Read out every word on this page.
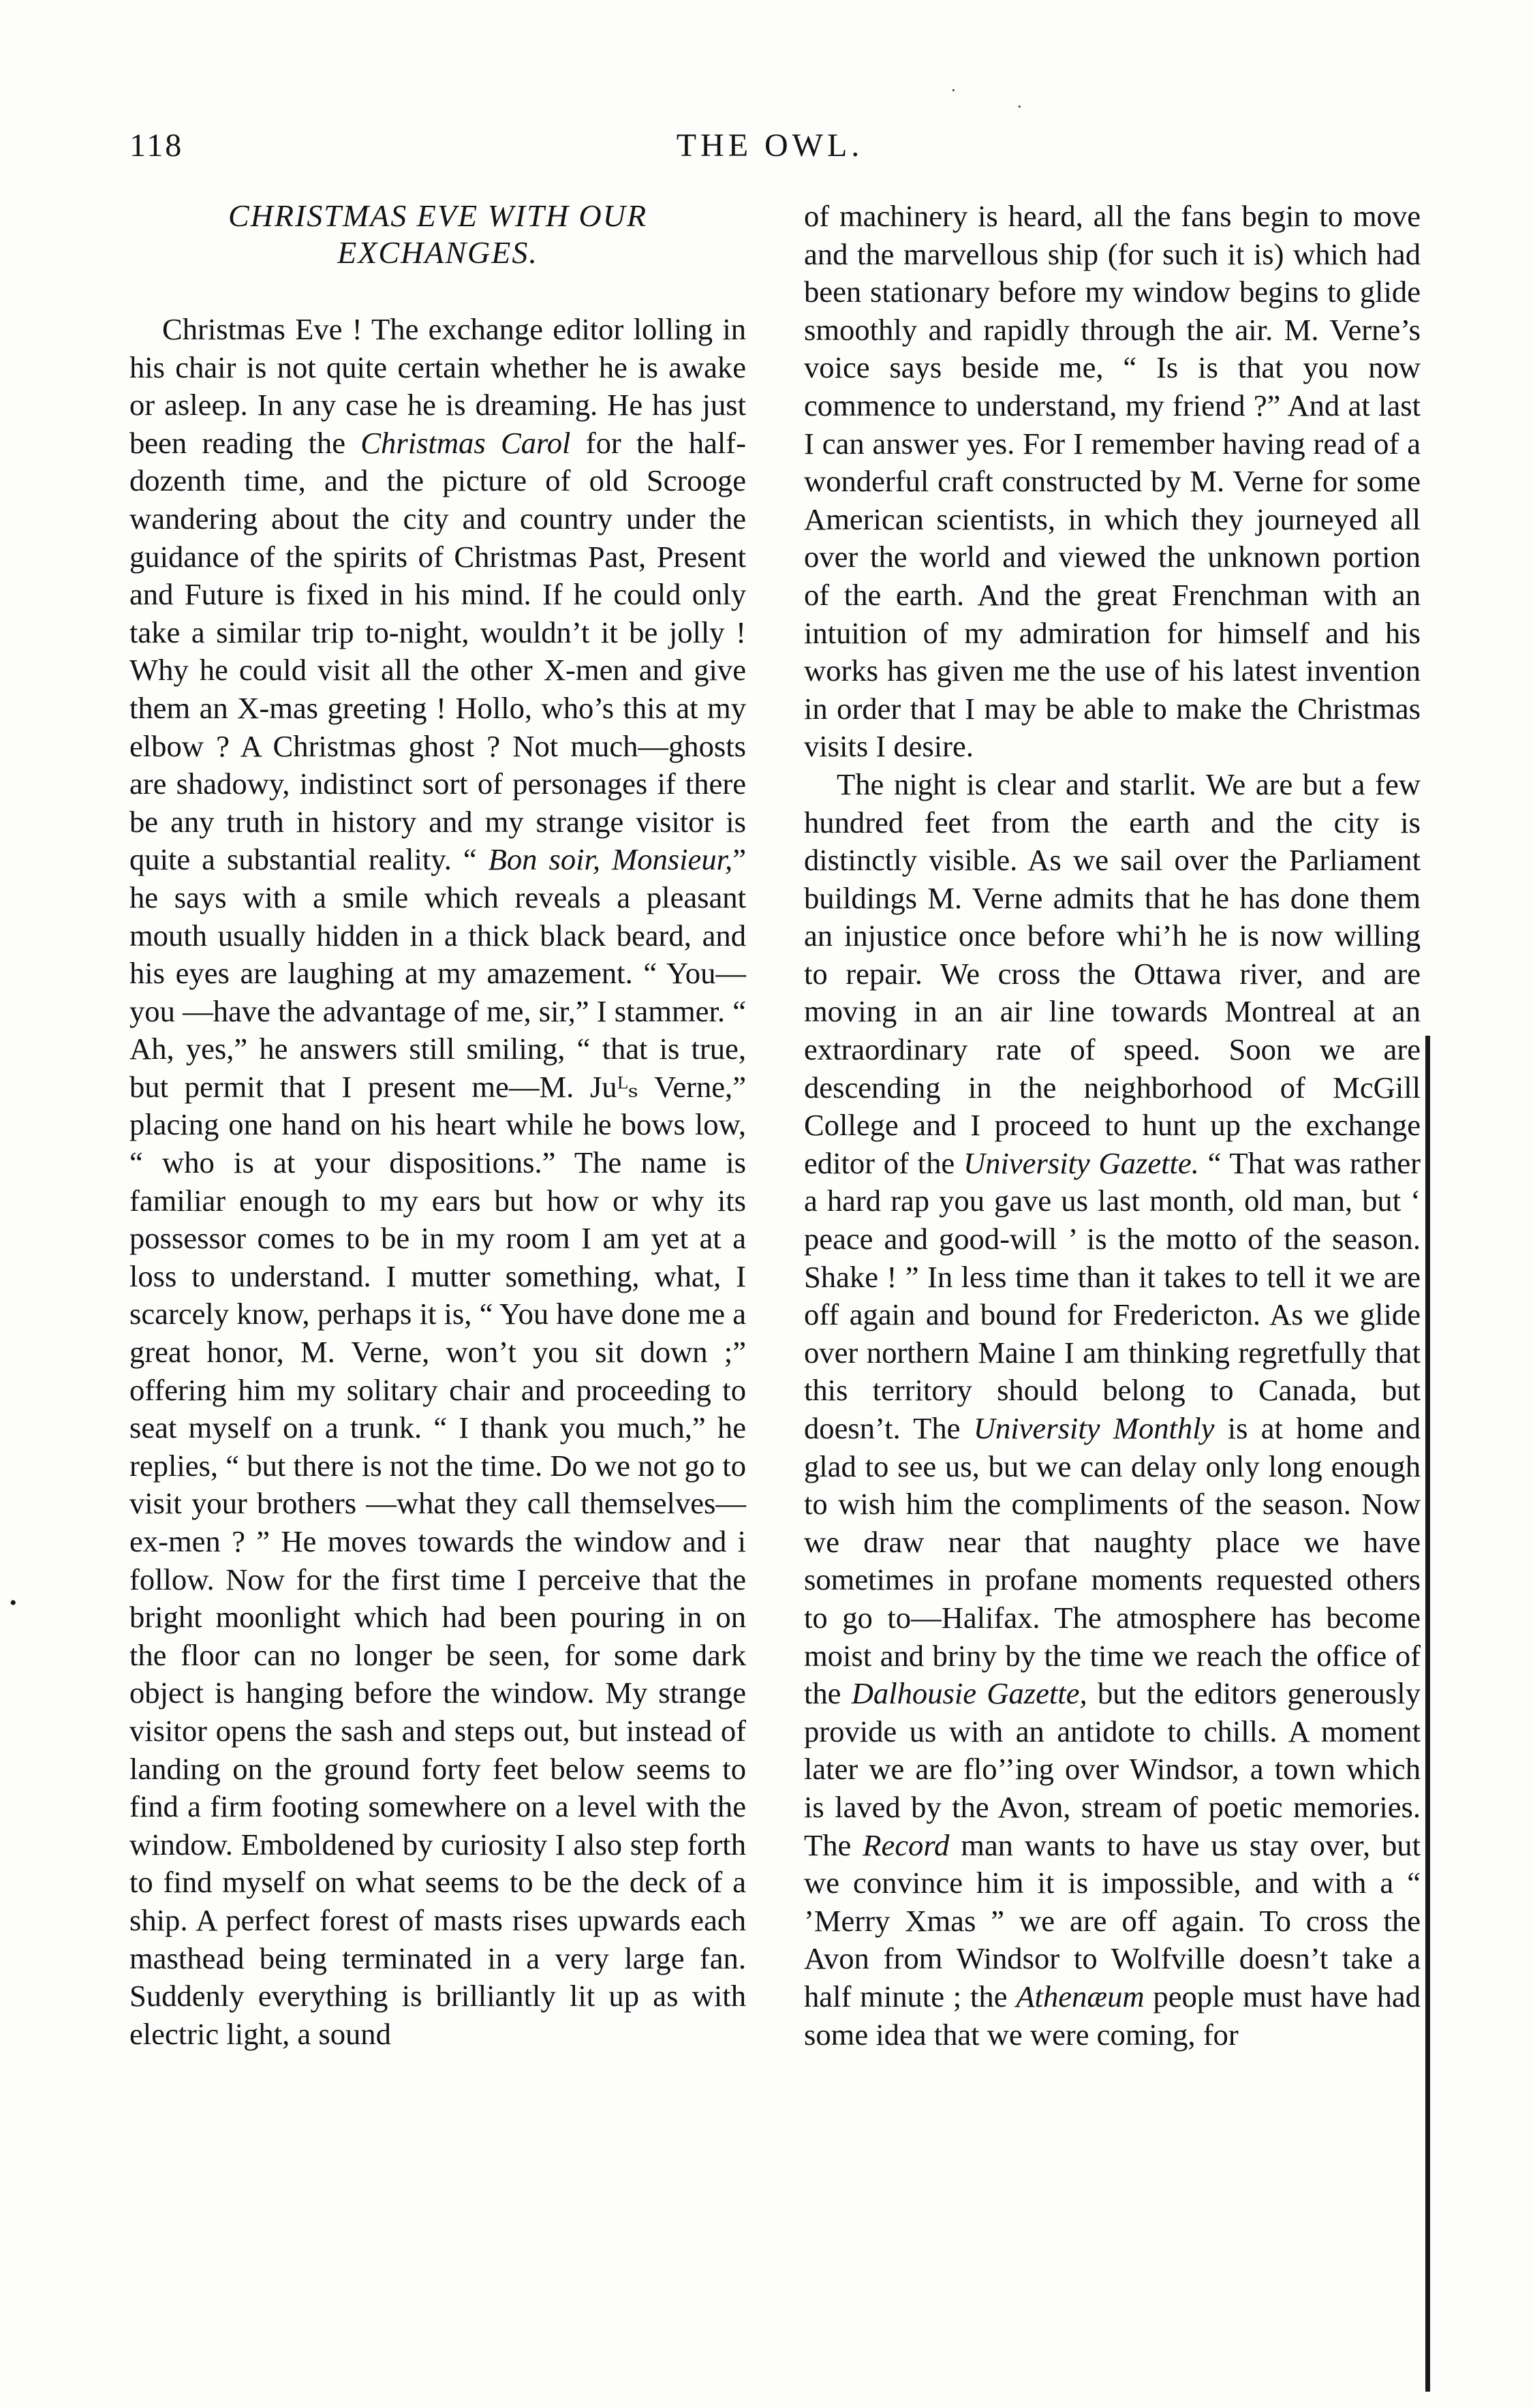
118	THE OWL.
CHRISTMAS EVE WITH OUR
EXCHANGES.

Christmas Eve ! The exchange editor lolling in his chair is not quite certain whether he is awake or asleep. In any case he is dreaming. He has just been reading the Christmas Carol for the half-dozenth time, and the picture of old Scrooge wandering about the city and country under the guidance of the spirits of Christmas Past, Present and Future is fixed in his mind. If he could only take a similar trip to-night, wouldn’t it be jolly ! Why he could visit all the other X-men and give them an X-mas greeting ! Hollo, who’s this at my elbow ? A Christmas ghost ? Not much—ghosts are shadowy, indistinct sort of personages if there be any truth in history and my strange visitor is quite a substantial reality. “ Bon soir, Monsieur,” he says with a smile which reveals a pleasant mouth usually hidden in a thick black beard, and his eyes are laughing at my amazement. “ You—you —have the advantage of me, sir,” I stammer. “ Ah, yes,” he answers still smiling, “ that is true, but permit that I present me—M. Juᴸₛ Verne,” placing one hand on his heart while he bows low, “ who is at your dispositions.” The name is familiar enough to my ears but how or why its possessor comes to be in my room I am yet at a loss to understand. I mutter something, what, I scarcely know, perhaps it is, “ You have done me a great honor, M. Verne, won’t you sit down ;” offering him my solitary chair and proceeding to seat myself on a trunk. “ I thank you much,” he replies, “ but there is not the time. Do we not go to visit your brothers —what they call themselves—ex-men ? ” He moves towards the window and i follow. Now for the first time I perceive that the bright moonlight which had been pouring in on the floor can no longer be seen, for some dark object is hanging before the window. My strange visitor opens the sash and steps out, but instead of landing on the ground forty feet below seems to find a firm footing somewhere on a level with the window. Emboldened by curiosity I also step forth to find myself on what seems to be the deck of a ship. A perfect forest of masts rises upwards each masthead being terminated in a very large fan. Suddenly everything is brilliantly lit up as with electric light, a sound

of machinery is heard, all the fans begin to move and the marvellous ship (for such it is) which had been stationary before my window begins to glide smoothly and rapidly through the air. M. Verne’s voice says beside me, “ Is is that you now commence to understand, my friend ?” And at last I can answer yes. For I remember having read of a wonderful craft constructed by M. Verne for some American scientists, in which they journeyed all over the world and viewed the unknown portion of the earth. And the great Frenchman with an intuition of my admiration for himself and his works has given me the use of his latest invention in order that I may be able to make the Christmas visits I desire.

The night is clear and starlit. We are but a few hundred feet from the earth and the city is distinctly visible. As we sail over the Parliament buildings M. Verne admits that he has done them an injustice once before whi’h he is now willing to repair. We cross the Ottawa river, and are moving in an air line towards Montreal at an extraordinary rate of speed. Soon we are descending in the neighborhood of McGill College and I proceed to hunt up the exchange editor of the University Gazette. “ That was rather a hard rap you gave us last month, old man, but ‘ peace and good-will ’ is the motto of the season. Shake ! ” In less time than it takes to tell it we are off again and bound for Fredericton. As we glide over northern Maine I am thinking regretfully that this territory should belong to Canada, but doesn’t. The University Monthly is at home and glad to see us, but we can delay only long enough to wish him the compliments of the season. Now we draw near that naughty place we have sometimes in profane moments requested others to go to—Halifax. The atmosphere has become moist and briny by the time we reach the office of the Dalhousie Gazette, but the editors generously provide us with an antidote to chills. A moment later we are flo’’ing over Windsor, a town which is laved by the Avon, stream of poetic memories. The Record man wants to have us stay over, but we convince him it is impossible, and with a “ ’Merry Xmas ” we are off again. To cross the Avon from Windsor to Wolfville doesn’t take a half minute ; the Athenæum people must have had some idea that we were coming, for

•
·
·
